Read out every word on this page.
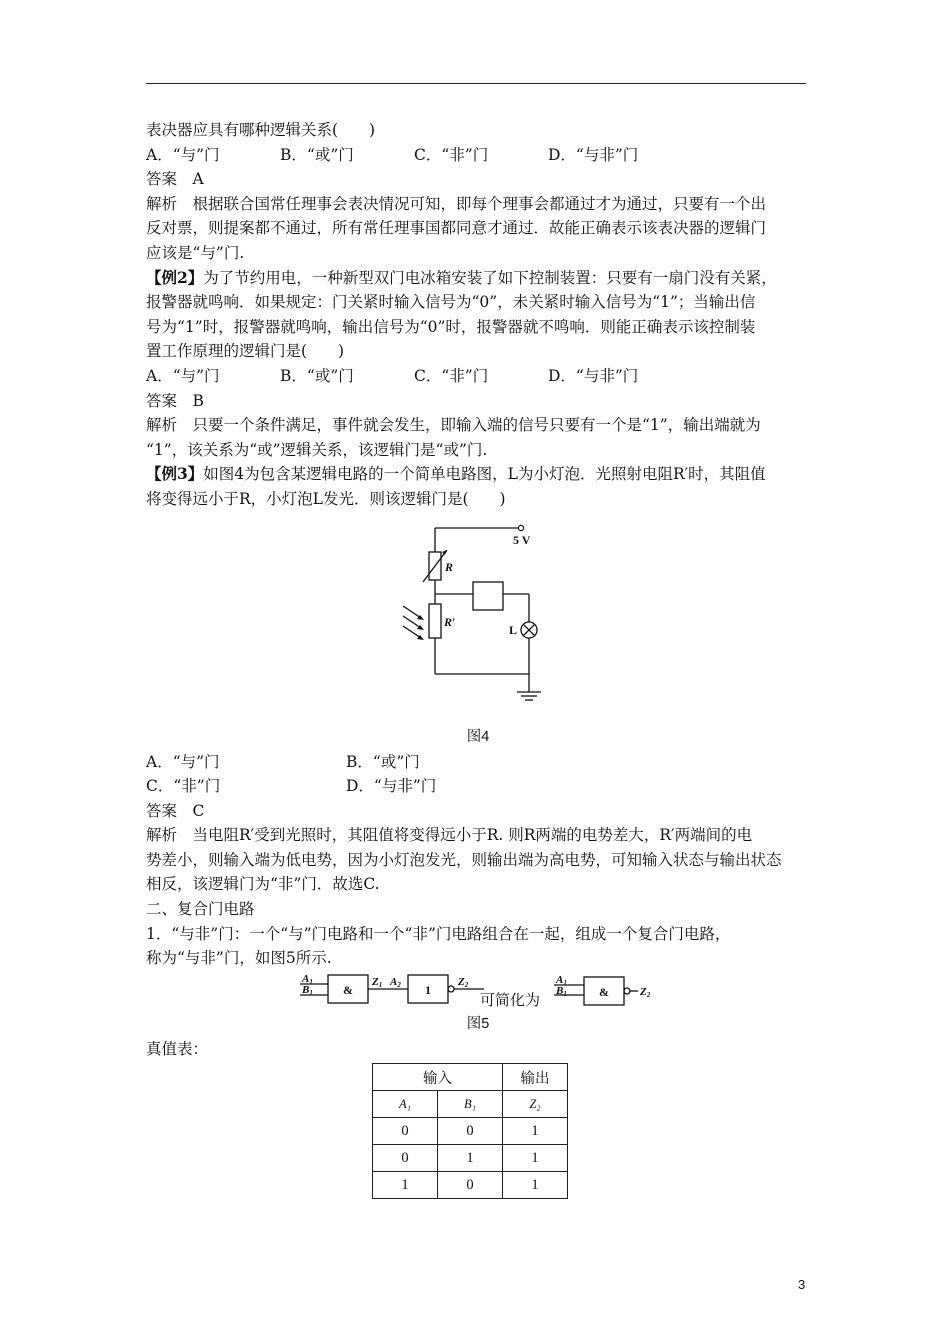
表决器应具有哪种逻辑关系(　　)
A．“与”门	B．“或”门	C．“非”门	D．“与非”门
答案　A
解析　根据联合国常任理事会表决情况可知，即每个理事会都通过才为通过，只要有一个出
反对票，则提案都不通过，所有常任理事国都同意才通过．故能正确表示该表决器的逻辑门
应该是“与”门.
【例2】为了节约用电，一种新型双门电冰箱安装了如下控制装置：只要有一扇门没有关紧，
报警器就鸣响．如果规定：门关紧时输入信号为“0”，未关紧时输入信号为“1”；当输出信
号为“1”时，报警器就鸣响，输出信号为“0”时，报警器就不鸣响．则能正确表示该控制装
置工作原理的逻辑门是(　　)
A．“与”门	B．“或”门	C．“非”门	D．“与非”门
答案　B
解析　只要一个条件满足，事件就会发生，即输入端的信号只要有一个是“1”，输出端就为
“1”，该关系为“或”逻辑关系，该逻辑门是“或”门.
【例3】如图4为包含某逻辑电路的一个简单电路图，L为小灯泡．光照射电阻R′时，其阻值
将变得远小于R，小灯泡L发光．则该逻辑门是(　　)
5 V
R
R′
L
图4
A．“与”门	B．“或”门
C．“非”门	D．“与非”门
答案　C
解析　当电阻R′受到光照时，其阻值将变得远小于R. 则R两端的电势差大，R′两端间的电
势差小，则输入端为低电势，因为小灯泡发光，则输出端为高电势，可知输入状态与输出状态
相反，该逻辑门为“非”门．故选C.
二、复合门电路
1．“与非”门：一个“与”门电路和一个“非”门电路组合在一起，组成一个复合门电路，
称为“与非”门，如图5所示.
A1
B1
Z1 A2	Z2	A1
B1	Z2
&	1	&
可简化为
图5
真值表：
输入		输出
A₁	B₁	Z₂
0	0	1
0	1	1
1	0	1
3
